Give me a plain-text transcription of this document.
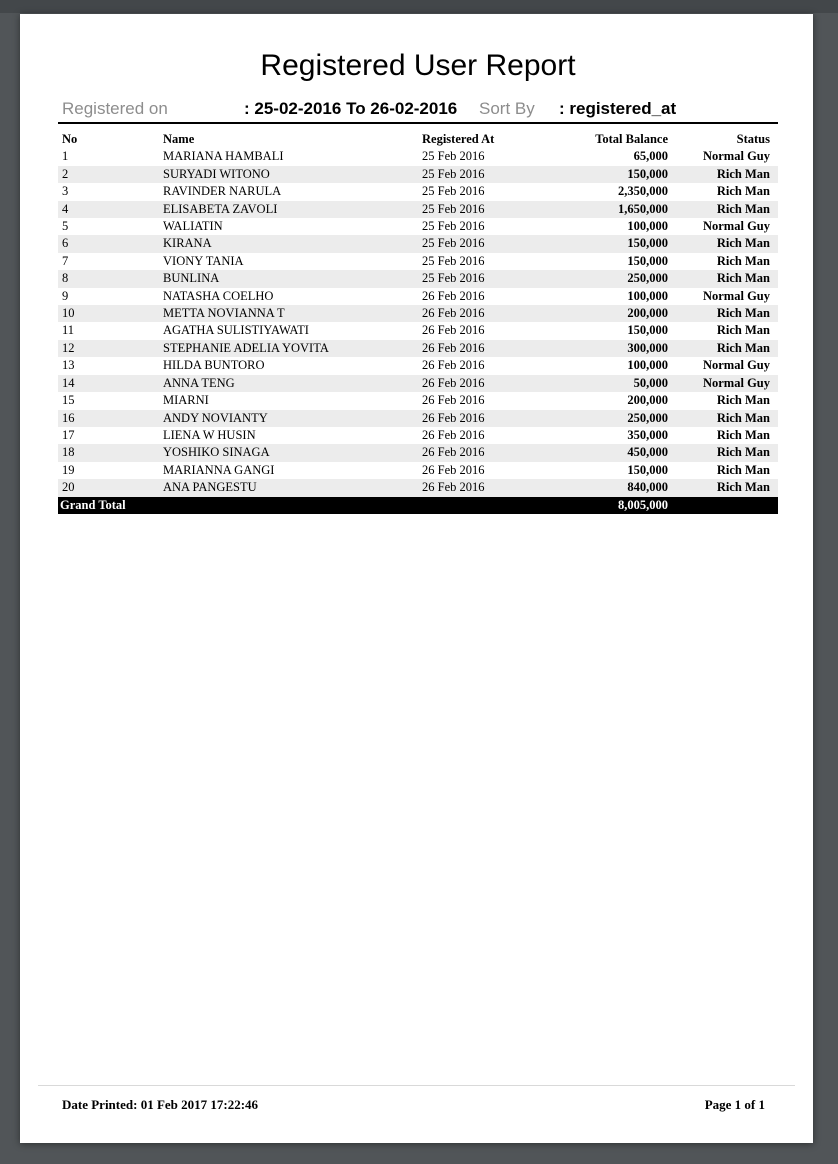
Registered User Report
Registered on	: 25-02-2016 To 26-02-2016	Sort By	: registered_at
No	Name	Registered At	Total Balance	Status
1	MARIANA HAMBALI	25 Feb 2016	65,000	Normal Guy
2	SURYADI WITONO	25 Feb 2016	150,000	Rich Man
3	RAVINDER NARULA	25 Feb 2016	2,350,000	Rich Man
4	ELISABETA ZAVOLI	25 Feb 2016	1,650,000	Rich Man
5	WALIATIN	25 Feb 2016	100,000	Normal Guy
6	KIRANA	25 Feb 2016	150,000	Rich Man
7	VIONY TANIA	25 Feb 2016	150,000	Rich Man
8	BUNLINA	25 Feb 2016	250,000	Rich Man
9	NATASHA COELHO	26 Feb 2016	100,000	Normal Guy
10	METTA NOVIANNA T	26 Feb 2016	200,000	Rich Man
11	AGATHA SULISTIYAWATI	26 Feb 2016	150,000	Rich Man
12	STEPHANIE ADELIA YOVITA	26 Feb 2016	300,000	Rich Man
13	HILDA BUNTORO	26 Feb 2016	100,000	Normal Guy
14	ANNA TENG	26 Feb 2016	50,000	Normal Guy
15	MIARNI	26 Feb 2016	200,000	Rich Man
16	ANDY NOVIANTY	26 Feb 2016	250,000	Rich Man
17	LIENA W HUSIN	26 Feb 2016	350,000	Rich Man
18	YOSHIKO SINAGA	26 Feb 2016	450,000	Rich Man
19	MARIANNA GANGI	26 Feb 2016	150,000	Rich Man
20	ANA PANGESTU	26 Feb 2016	840,000	Rich Man
Grand Total			8,005,000	
Date Printed: 01 Feb 2017 17:22:46	Page 1 of 1
